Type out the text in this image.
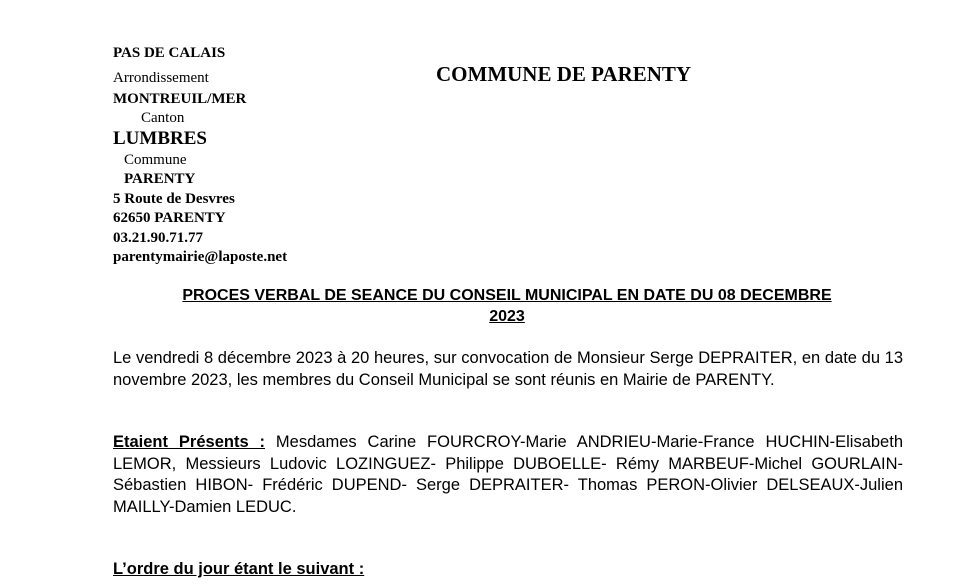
PAS DE CALAIS
Arrondissement
MONTREUIL/MER
Canton
LUMBRES
Commune
PARENTY
5 Route de Desvres
62650 PARENTY
03.21.90.71.77
parentymairie@laposte.net
COMMUNE DE PARENTY
PROCES VERBAL DE SEANCE DU CONSEIL MUNICIPAL EN DATE DU 08 DECEMBRE
2023
Le vendredi 8 décembre 2023 à 20 heures, sur convocation de Monsieur Serge DEPRAITER, en date du 13 novembre 2023, les membres du Conseil Municipal se sont réunis en Mairie de PARENTY.
Etaient Présents : Mesdames Carine FOURCROY-Marie ANDRIEU-Marie-France HUCHIN-Elisabeth LEMOR, Messieurs Ludovic LOZINGUEZ- Philippe DUBOELLE- Rémy MARBEUF-Michel GOURLAIN-Sébastien HIBON- Frédéric DUPEND- Serge DEPRAITER- Thomas PERON-Olivier DELSEAUX-Julien MAILLY-Damien LEDUC.
L’ordre du jour étant le suivant :
